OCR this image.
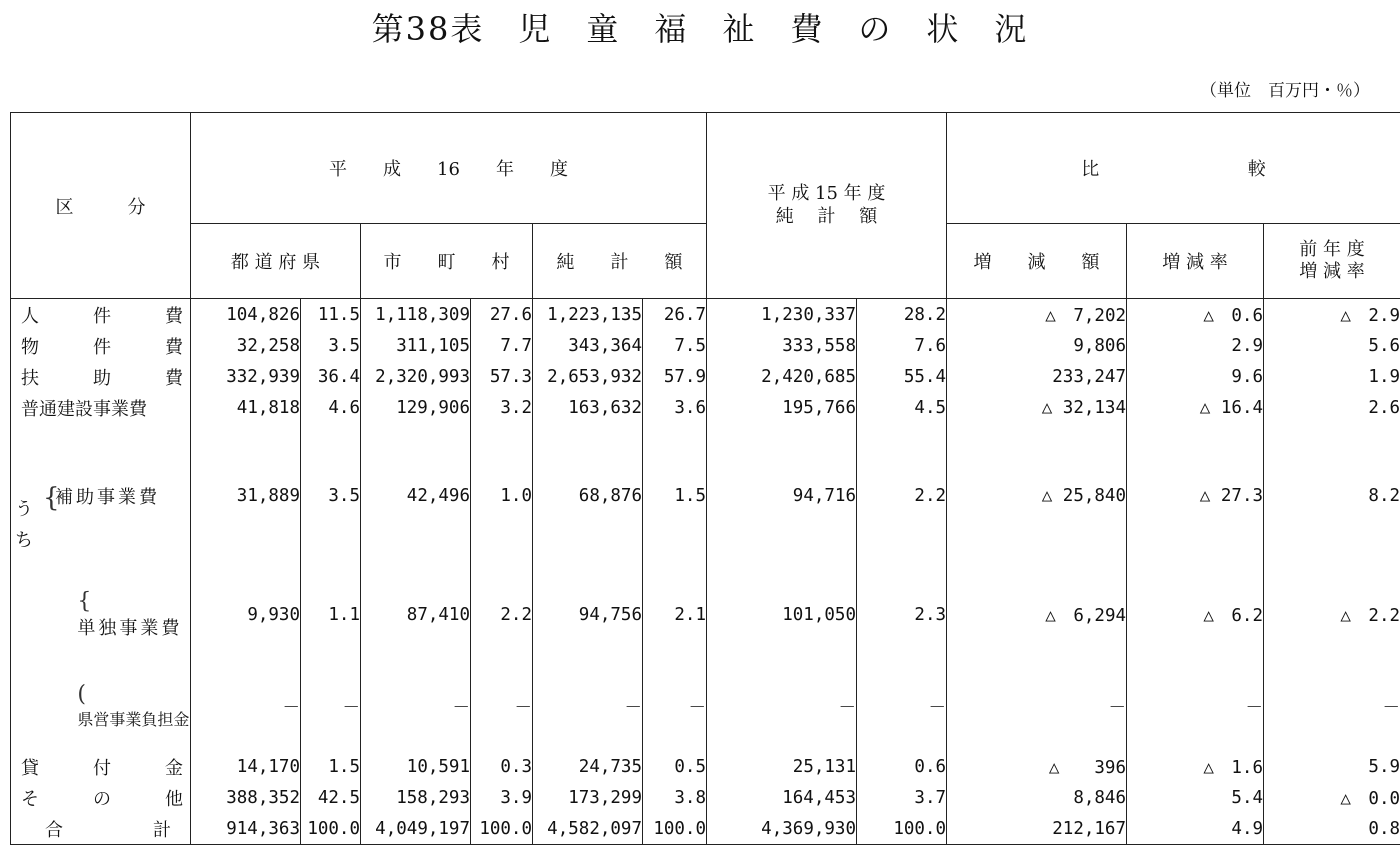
第38表　児　童　福　祉　費　の　状　況
（単位　百万円・％）
区　　　分	平　　成　　16　　年　　度						平 成 15 年 度
純　 計　 額		比 較		

	都 道 府 県		市　　町　　村		純　　計　　額				増　　減　　額	増 減 率	前 年 度
増 減 率
人　　　件　　　費	104,826	11.5	1,118,309	27.6	1,223,135	26.7	1,230,337	28.2	△　7,202	△　0.6	△　2.9
物　　　件　　　費	32,258	3.5	311,105	7.7	343,364	7.5	333,558	7.6	9,806	2.9	5.6
扶　　　助　　　費	332,939	36.4	2,320,993	57.3	2,653,932	57.9	2,420,685	55.4	233,247	9.6	1.9
普通建設事業費	41,818	4.6	129,906	3.2	163,632	3.6	195,766	4.5	△ 32,134	△ 16.4	2.6

う
ち
{
補助事業費	31,889	3.5	42,496	1.0	68,876	1.5	94,716	2.2	△ 25,840	△ 27.3	8.2

{
単独事業費	9,930	1.1	87,410	2.2	94,756	2.1	101,050	2.3	△　6,294	△　6.2	△　2.2

(
県営事業負担金	－	－	－	－	－	－	－	－	－	－	－
貸　　　付　　　金	14,170	1.5	10,591	0.3	24,735	0.5	25,131	0.6	△　　396	△　1.6	5.9
そ　　　の　　　他	388,352	42.5	158,293	3.9	173,299	3.8	164,453	3.7	8,846	5.4	△　0.0
合　　　　　計	914,363	100.0	4,049,197	100.0	4,582,097	100.0	4,369,930	100.0	212,167	4.9	0.8
